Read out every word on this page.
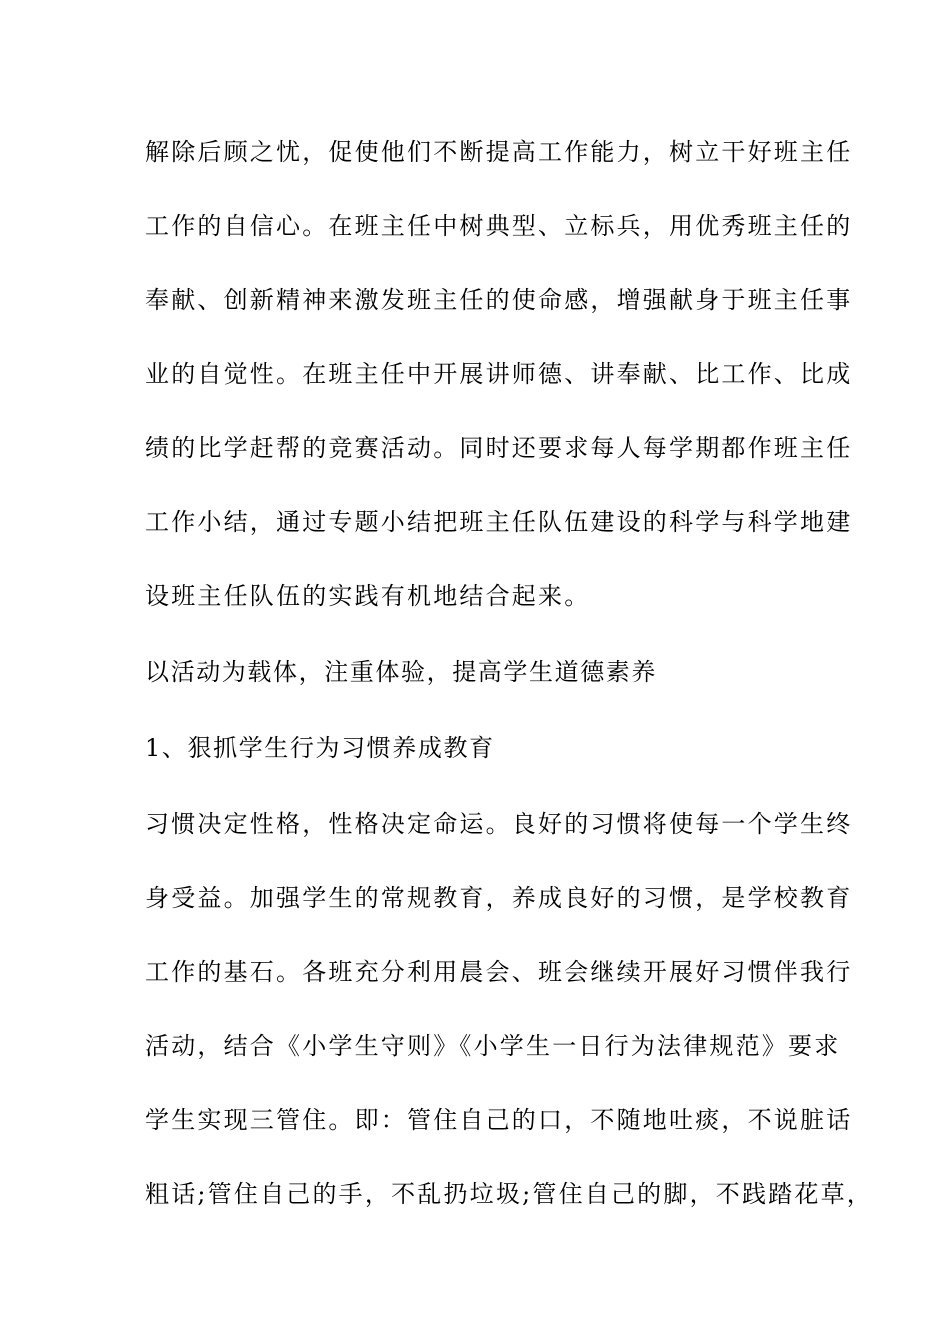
解除后顾之忧，促使他们不断提高工作能力，树立干好班主任
工作的自信心。在班主任中树典型、立标兵，用优秀班主任的
奉献、创新精神来激发班主任的使命感，增强献身于班主任事
业的自觉性。在班主任中开展讲师德、讲奉献、比工作、比成
绩的比学赶帮的竞赛活动。同时还要求每人每学期都作班主任
工作小结，通过专题小结把班主任队伍建设的科学与科学地建
设班主任队伍的实践有机地结合起来。
以活动为载体，注重体验，提高学生道德素养
1、狠抓学生行为习惯养成教育
习惯决定性格，性格决定命运。良好的习惯将使每一个学生终
身受益。加强学生的常规教育，养成良好的习惯，是学校教育
工作的基石。各班充分利用晨会、班会继续开展好习惯伴我行
活动，结合《小学生守则》《小学生一日行为法律规范》要求
学生实现三管住。即：管住自己的口，不随地吐痰，不说脏话
粗话;管住自己的手，不乱扔垃圾;管住自己的脚，不践踏花草，
